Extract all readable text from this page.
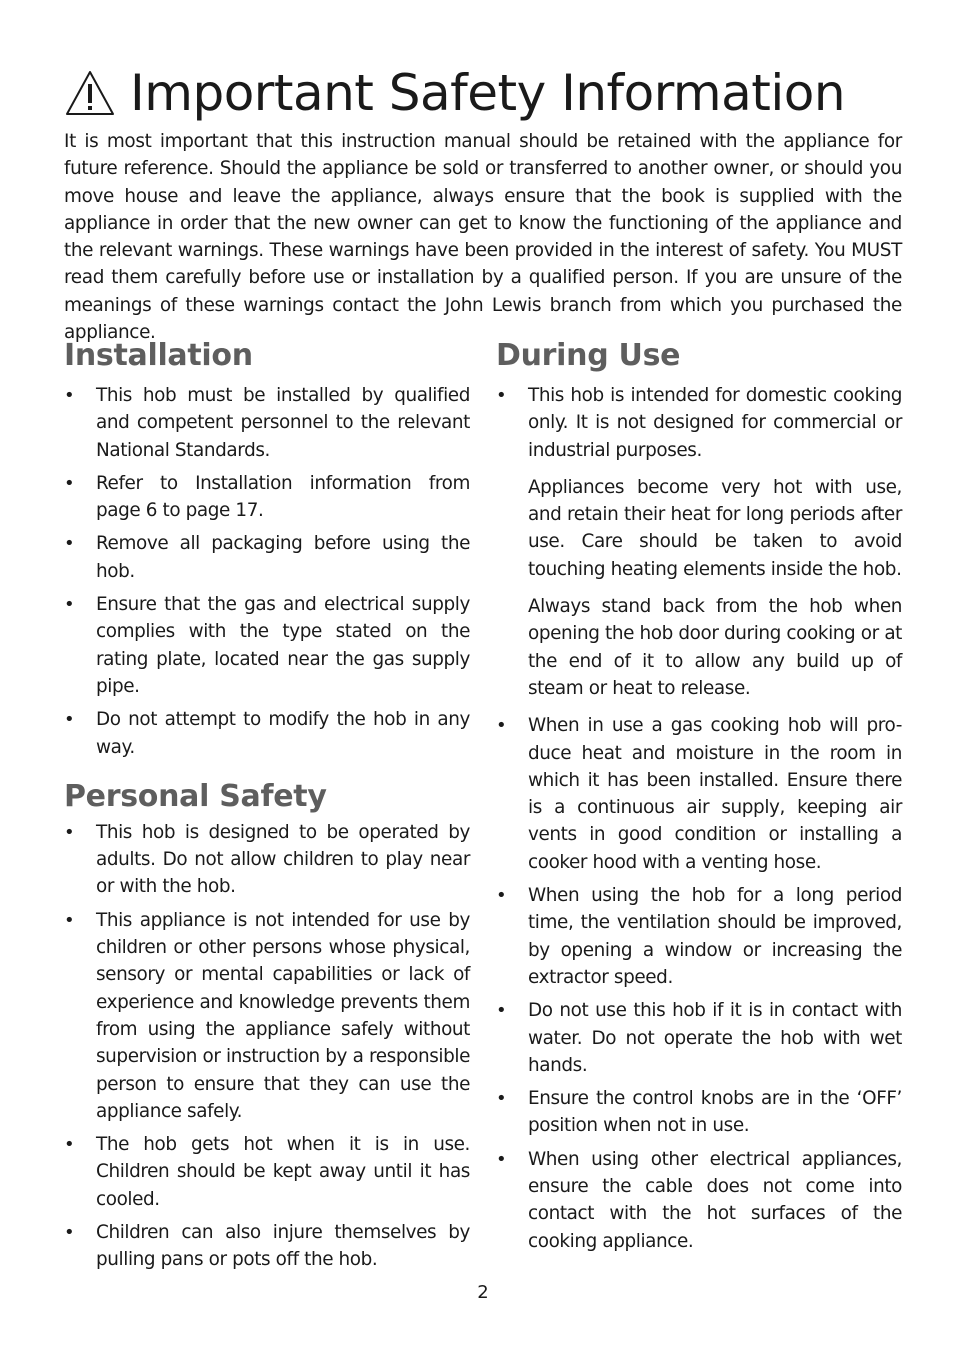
Important Safety Information

It is most important that this instruction manual should be retained with the appliance for future reference. Should the appliance be sold or transferred to another owner, or should you move house and leave the appliance, always ensure that the book is supplied with the appliance in order that the new owner can get to know the functioning of the appliance and the relevant warnings. These warnings have been provided in the interest of safety. You MUST read them carefully before use or installation by a qualified person. If you are unsure of the meanings of these warnings contact the John Lewis branch from which you purchased the appliance.

Installation
• This hob must be installed by qualified and competent personnel to the relevant National Standards.
• Refer to Installation information from page 6 to page 17.
• Remove all packaging before using the hob.
• Ensure that the gas and electrical supply complies with the type stated on the rating plate, located near the gas supply pipe.
• Do not attempt to modify the hob in any way.
Personal Safety
• This hob is designed to be operated by adults. Do not allow children to play near or with the hob.
• This appliance is not intended for use by children or other persons whose physical, sensory or mental capabilities or lack of experience and knowledge prevents them from using the appliance safely without supervision or instruction by a responsible person to ensure that they can use the appliance safely.
• The hob gets hot when it is in use. Children should be kept away until it has cooled.
• Children can also injure themselves by pulling pans or pots off the hob.
During Use
• This hob is intended for domestic cooking only. It is not designed for commercial or industrial purposes.
Appliances become very hot with use, and retain their heat for long periods after use. Care should be taken to avoid touching heating elements inside the hob.
Always stand back from the hob when opening the hob door during cooking or at the end of it to allow any build up of steam or heat to release.
• When in use a gas cooking hob will pro-duce heat and moisture in the room in which it has been installed. Ensure there is a continuous air supply, keeping air vents in good condition or installing a cooker hood with a venting hose.
• When using the hob for a long period time, the ventilation should be improved, by opening a window or increasing the extractor speed.
• Do not use this hob if it is in contact with water. Do not operate the hob with wet hands.
• Ensure the control knobs are in the ‘OFF’ position when not in use.
• When using other electrical appliances, ensure the cable does not come into contact with the hot surfaces of the cooking appliance.
2
